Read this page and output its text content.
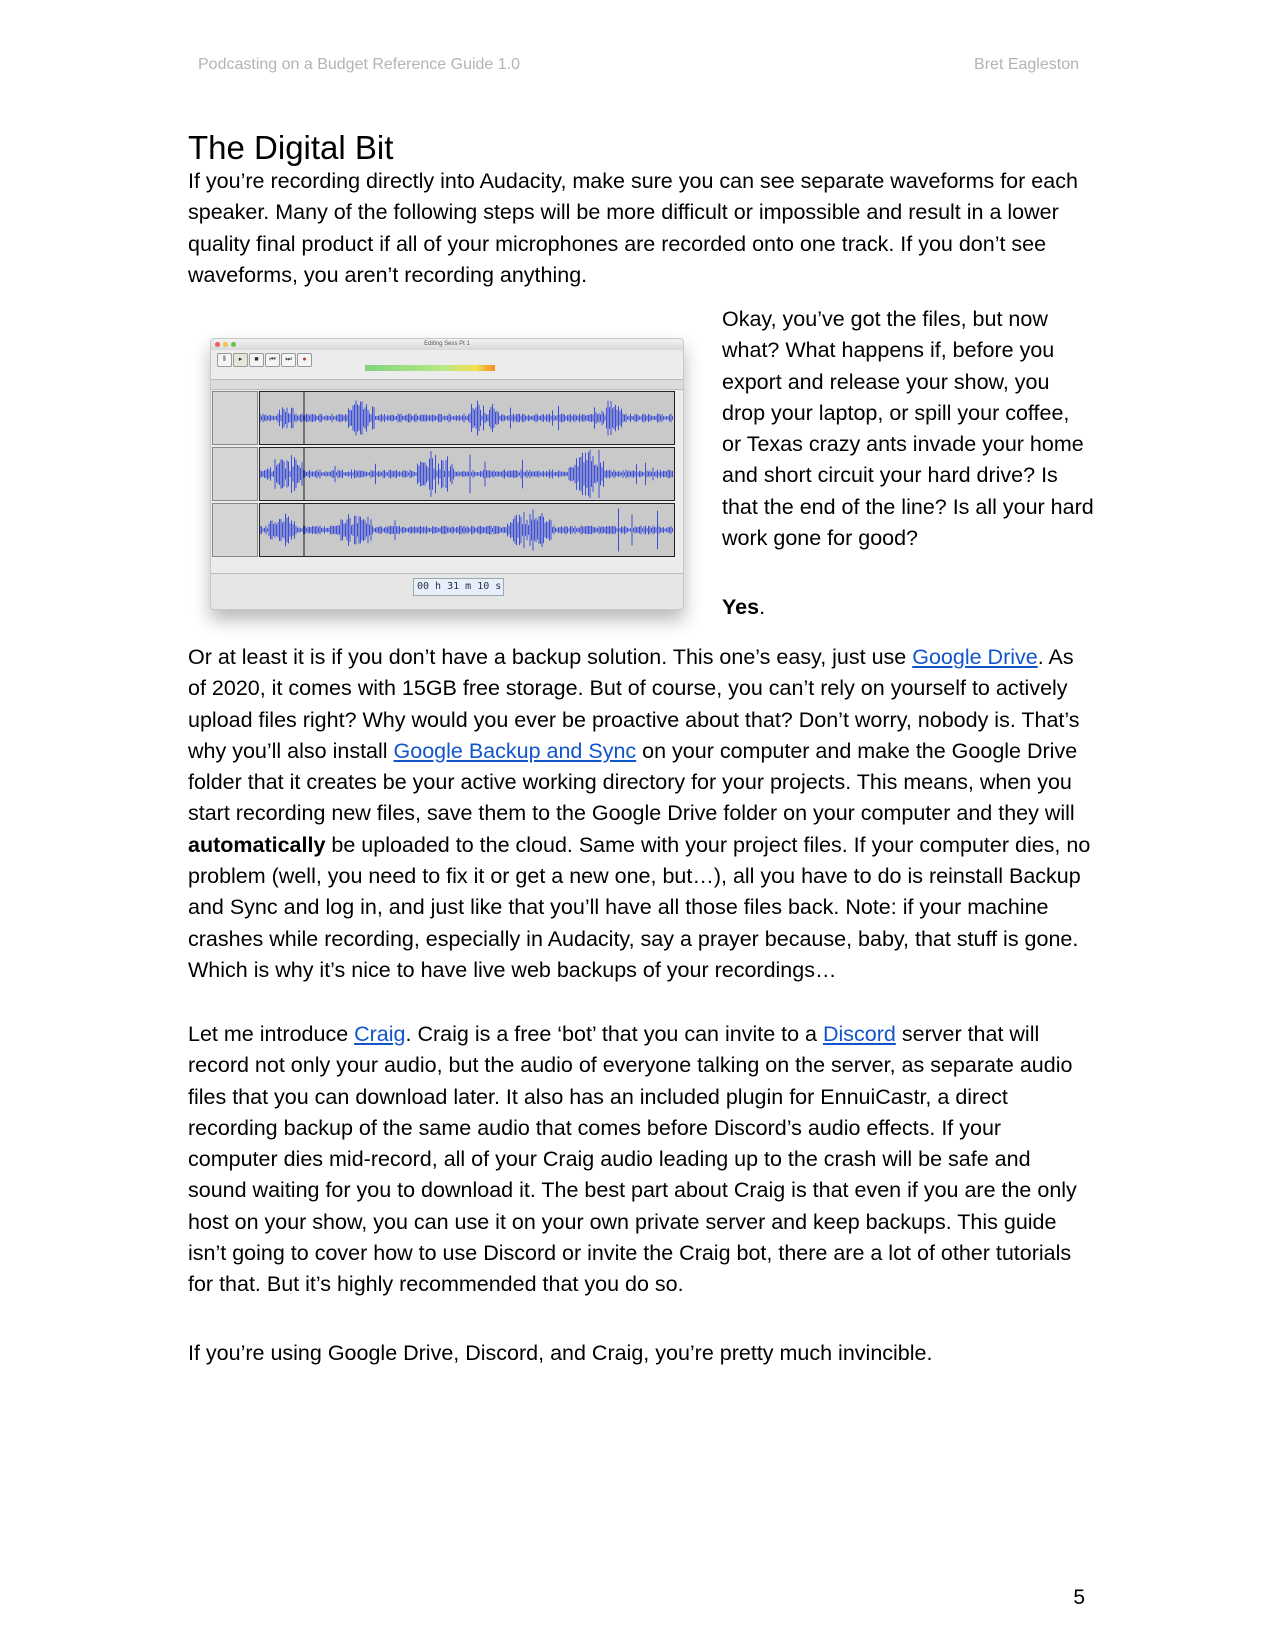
Podcasting on a Budget Reference Guide 1.0	Bret Eagleston
The Digital Bit

If you’re recording directly into Audacity, make sure you can see separate waveforms for each speaker. Many of the following steps will be more difficult or impossible and result in a lower quality final product if all of your microphones are recorded onto one track. If you don’t see waveforms, you aren’t recording anything.

Editing Sess Pt 1
‖	▸	■	⏮	⏭	●
00 h 31 m 10 s

Okay, you’ve got the files, but now what? What happens if, before you export and release your show, you drop your laptop, or spill your coffee, or Texas crazy ants invade your home and short circuit your hard drive? Is that the end of the line? Is all your hard work gone for good?

Yes.

Or at least it is if you don’t have a backup solution. This one’s easy, just use Google Drive. As of 2020, it comes with 15GB free storage. But of course, you can’t rely on yourself to actively upload files right? Why would you ever be proactive about that? Don’t worry, nobody is. That’s why you’ll also install Google Backup and Sync on your computer and make the Google Drive folder that it creates be your active working directory for your projects. This means, when you start recording new files, save them to the Google Drive folder on your computer and they will automatically be uploaded to the cloud. Same with your project files. If your computer dies, no problem (well, you need to fix it or get a new one, but…), all you have to do is reinstall Backup and Sync and log in, and just like that you’ll have all those files back. Note: if your machine crashes while recording, especially in Audacity, say a prayer because, baby, that stuff is gone. Which is why it’s nice to have live web backups of your recordings…

Let me introduce Craig. Craig is a free ‘bot’ that you can invite to a Discord server that will record not only your audio, but the audio of everyone talking on the server, as separate audio files that you can download later. It also has an included plugin for EnnuiCastr, a direct recording backup of the same audio that comes before Discord’s audio effects. If your computer dies mid-record, all of your Craig audio leading up to the crash will be safe and sound waiting for you to download it. The best part about Craig is that even if you are the only host on your show, you can use it on your own private server and keep backups. This guide isn’t going to cover how to use Discord or invite the Craig bot, there are a lot of other tutorials for that. But it’s highly recommended that you do so.

If you’re using Google Drive, Discord, and Craig, you’re pretty much invincible.

5
